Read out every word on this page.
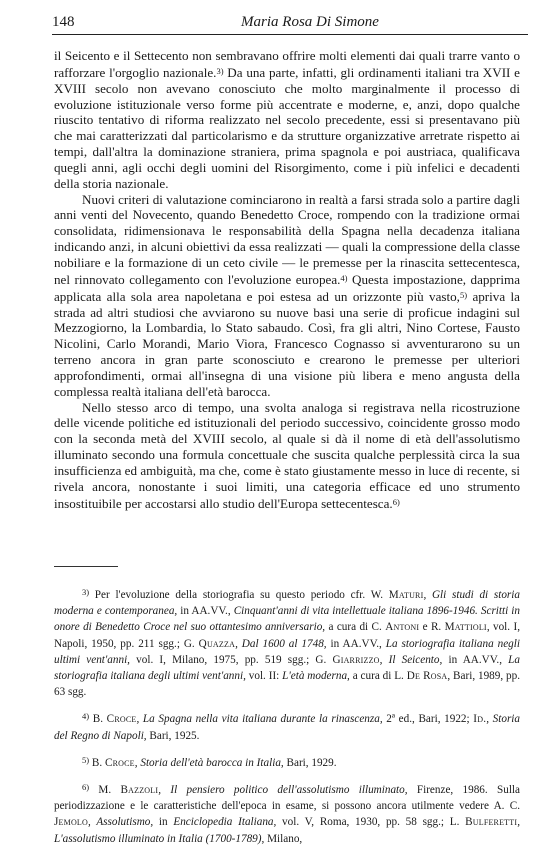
148	Maria Rosa Di Simone

il Seicento e il Settecento non sembravano offrire molti elementi dai quali trarre vanto o rafforzare l'orgoglio nazionale.$^{3)}$ Da una parte, infatti, gli ordinamenti italiani tra XVII e XVIII secolo non avevano conosciuto che molto marginalmente il processo di evoluzione istituzionale verso forme più accentrate e moderne, e, anzi, dopo qualche riuscito tentativo di riforma realizzato nel secolo precedente, essi si presentavano più che mai caratterizzati dal particolarismo e da strutture organizzative arretrate rispetto ai tempi, dall'altra la dominazione straniera, prima spagnola e poi austriaca, qualificava quegli anni, agli occhi degli uomini del Risorgimento, come i più infelici e decadenti della storia nazionale.

Nuovi criteri di valutazione cominciarono in realtà a farsi strada solo a partire dagli anni venti del Novecento, quando Benedetto Croce, rompendo con la tradizione ormai consolidata, ridimensionava le responsabilità della Spagna nella decadenza italiana indicando anzi, in alcuni obiettivi da essa realizzati — quali la compressione della classe nobiliare e la formazione di un ceto civile — le premesse per la rinascita settecentesca, nel rinnovato collegamento con l'evoluzione europea.$^{4)}$ Questa impostazione, dapprima applicata alla sola area napoletana e poi estesa ad un orizzonte più vasto,$^{5)}$ apriva la strada ad altri studiosi che avviarono su nuove basi una serie di proficue indagini sul Mezzogiorno, la Lombardia, lo Stato sabaudo. Così, fra gli altri, Nino Cortese, Fausto Nicolini, Carlo Morandi, Mario Viora, Francesco Cognasso si avventurarono su un terreno ancora in gran parte sconosciuto e crearono le premesse per ulteriori approfondimenti, ormai all'insegna di una visione più libera e meno angusta della complessa realtà italiana dell'età barocca.

Nello stesso arco di tempo, una svolta analoga si registrava nella ricostruzione delle vicende politiche ed istituzionali del periodo successivo, coincidente grosso modo con la seconda metà del XVIII secolo, al quale si dà il nome di età dell'assolutismo illuminato secondo una formula concettuale che suscita qualche perplessità circa la sua insufficienza ed ambiguità, ma che, come è stato giustamente messo in luce di recente, si rivela ancora, nonostante i suoi limiti, una categoria efficace ed uno strumento insostituibile per accostarsi allo studio dell'Europa settecentesca.$^{6)}$

$^{3)}$ Per l'evoluzione della storiografia su questo periodo cfr. W. Maturi, Gli studi di storia moderna e contemporanea, in AA.VV., Cinquant'anni di vita intellettuale italiana 1896-1946. Scritti in onore di Benedetto Croce nel suo ottantesimo anniversario, a cura di C. Antoni e R. Mattioli, vol. I, Napoli, 1950, pp. 211 sgg.; G. Quazza, Dal 1600 al 1748, in AA.VV., La storiografia italiana negli ultimi vent'anni, vol. I, Milano, 1975, pp. 519 sgg.; G. Giarrizzo, Il Seicento, in AA.VV., La storiografia italiana degli ultimi vent'anni, vol. II: L'età moderna, a cura di L. De Rosa, Bari, 1989, pp. 63 sgg.

$^{4)}$ B. Croce, La Spagna nella vita italiana durante la rinascenza, 2ª ed., Bari, 1922; Id., Storia del Regno di Napoli, Bari, 1925.

$^{5)}$ B. Croce, Storia dell'età barocca in Italia, Bari, 1929.

$^{6)}$ M. Bazzoli, Il pensiero politico dell'assolutismo illuminato, Firenze, 1986. Sulla periodizzazione e le caratteristiche dell'epoca in esame, si possono ancora utilmente vedere A. C. Jemolo, Assolutismo, in Enciclopedia Italiana, vol. V, Roma, 1930, pp. 58 sgg.; L. Bulferetti, L'assolutismo illuminato in Italia (1700-1789), Milano,
